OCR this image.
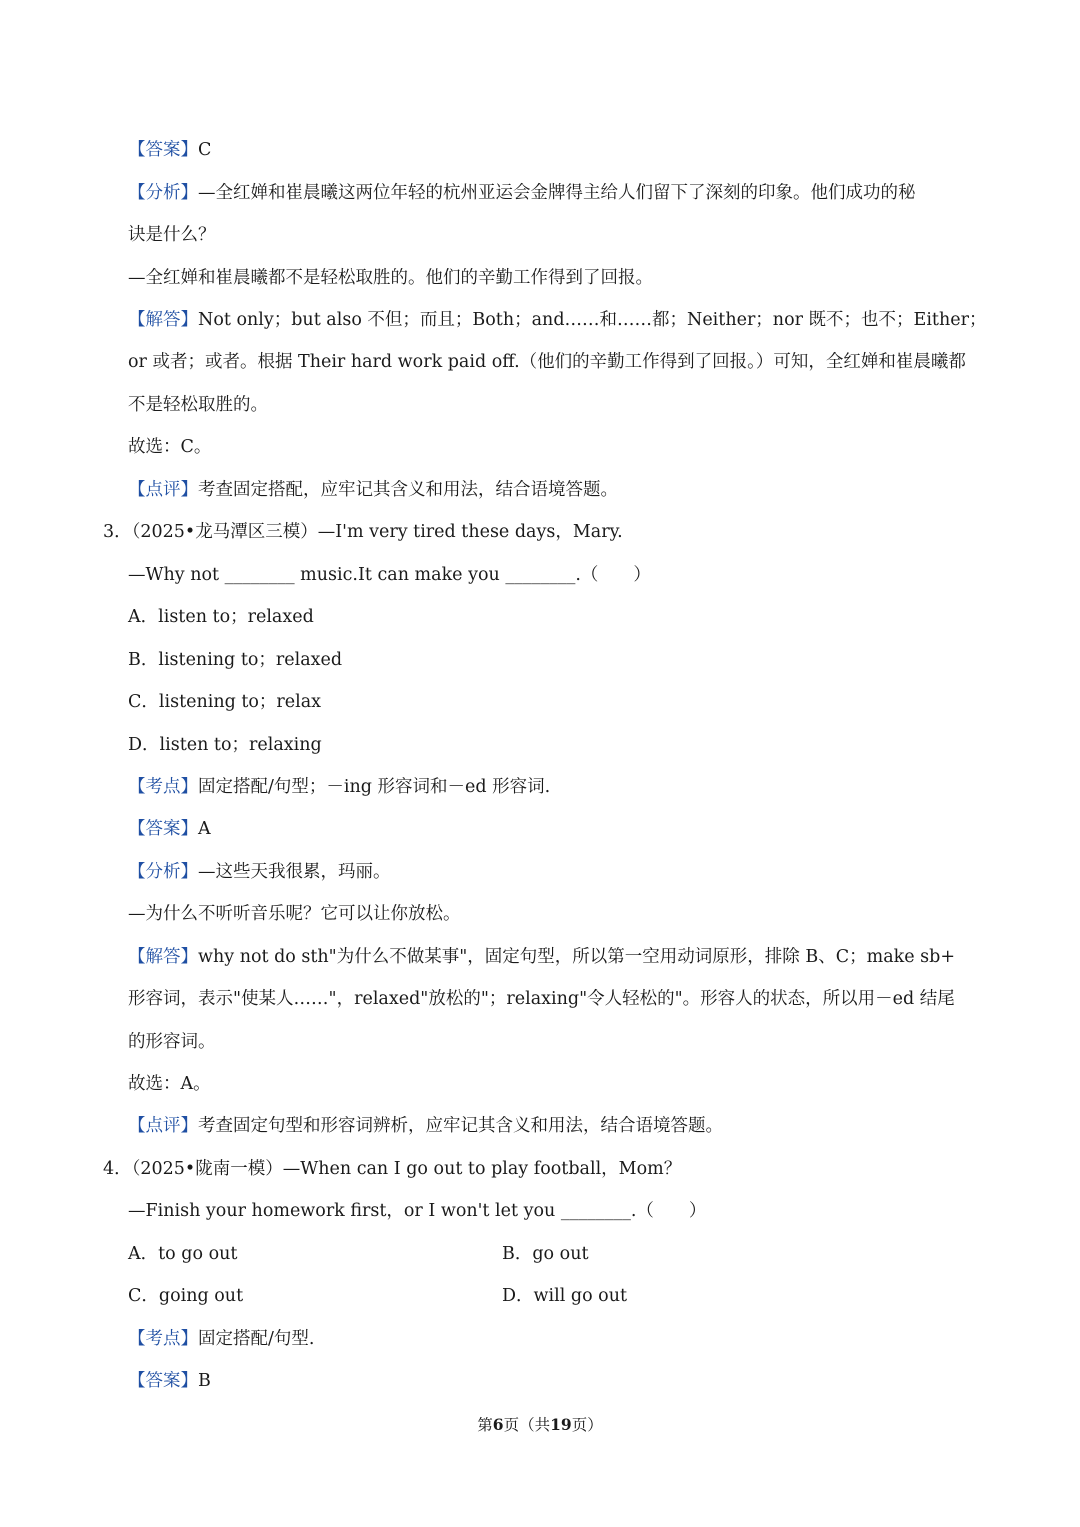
【答案】C
【分析】—全红婵和崔晨曦这两位年轻的杭州亚运会金牌得主给人们留下了深刻的印象。他们成功的秘
诀是什么？
—全红婵和崔晨曦都不是轻松取胜的。他们的辛勤工作得到了回报。
【解答】Not only；but also 不但；而且；Both；and……和……都；Neither；nor 既不；也不；Either；
or 或者；或者。根据 Their hard work paid off.（他们的辛勤工作得到了回报。）可知，全红婵和崔晨曦都
不是轻松取胜的。
故选：C。
【点评】考查固定搭配，应牢记其含义和用法，结合语境答题。
3．（2025•龙马潭区三模）—I'm very tired these days，Mary.
—Why not ________ music.It can make you ________.（　　）
A．listen to；relaxed
B．listening to；relaxed
C．listening to；relax
D．listen to；relaxing
【考点】固定搭配/句型；－ing 形容词和－ed 形容词.
【答案】A
【分析】—这些天我很累，玛丽。
—为什么不听听音乐呢？它可以让你放松。
【解答】why not do sth"为什么不做某事"，固定句型，所以第一空用动词原形，排除 B、C；make sb+
形容词，表示"使某人……"，relaxed"放松的"；relaxing"令人轻松的"。形容人的状态，所以用－ed 结尾
的形容词。
故选：A。
【点评】考查固定句型和形容词辨析，应牢记其含义和用法，结合语境答题。
4．（2025•陇南一模）—When can I go out to play football，Mom？
—Finish your homework first，or I won't let you ________.（　　）
A．to go out	B．go out
C．going out	D．will go out
【考点】固定搭配/句型.
【答案】B
第6页（共19页）
